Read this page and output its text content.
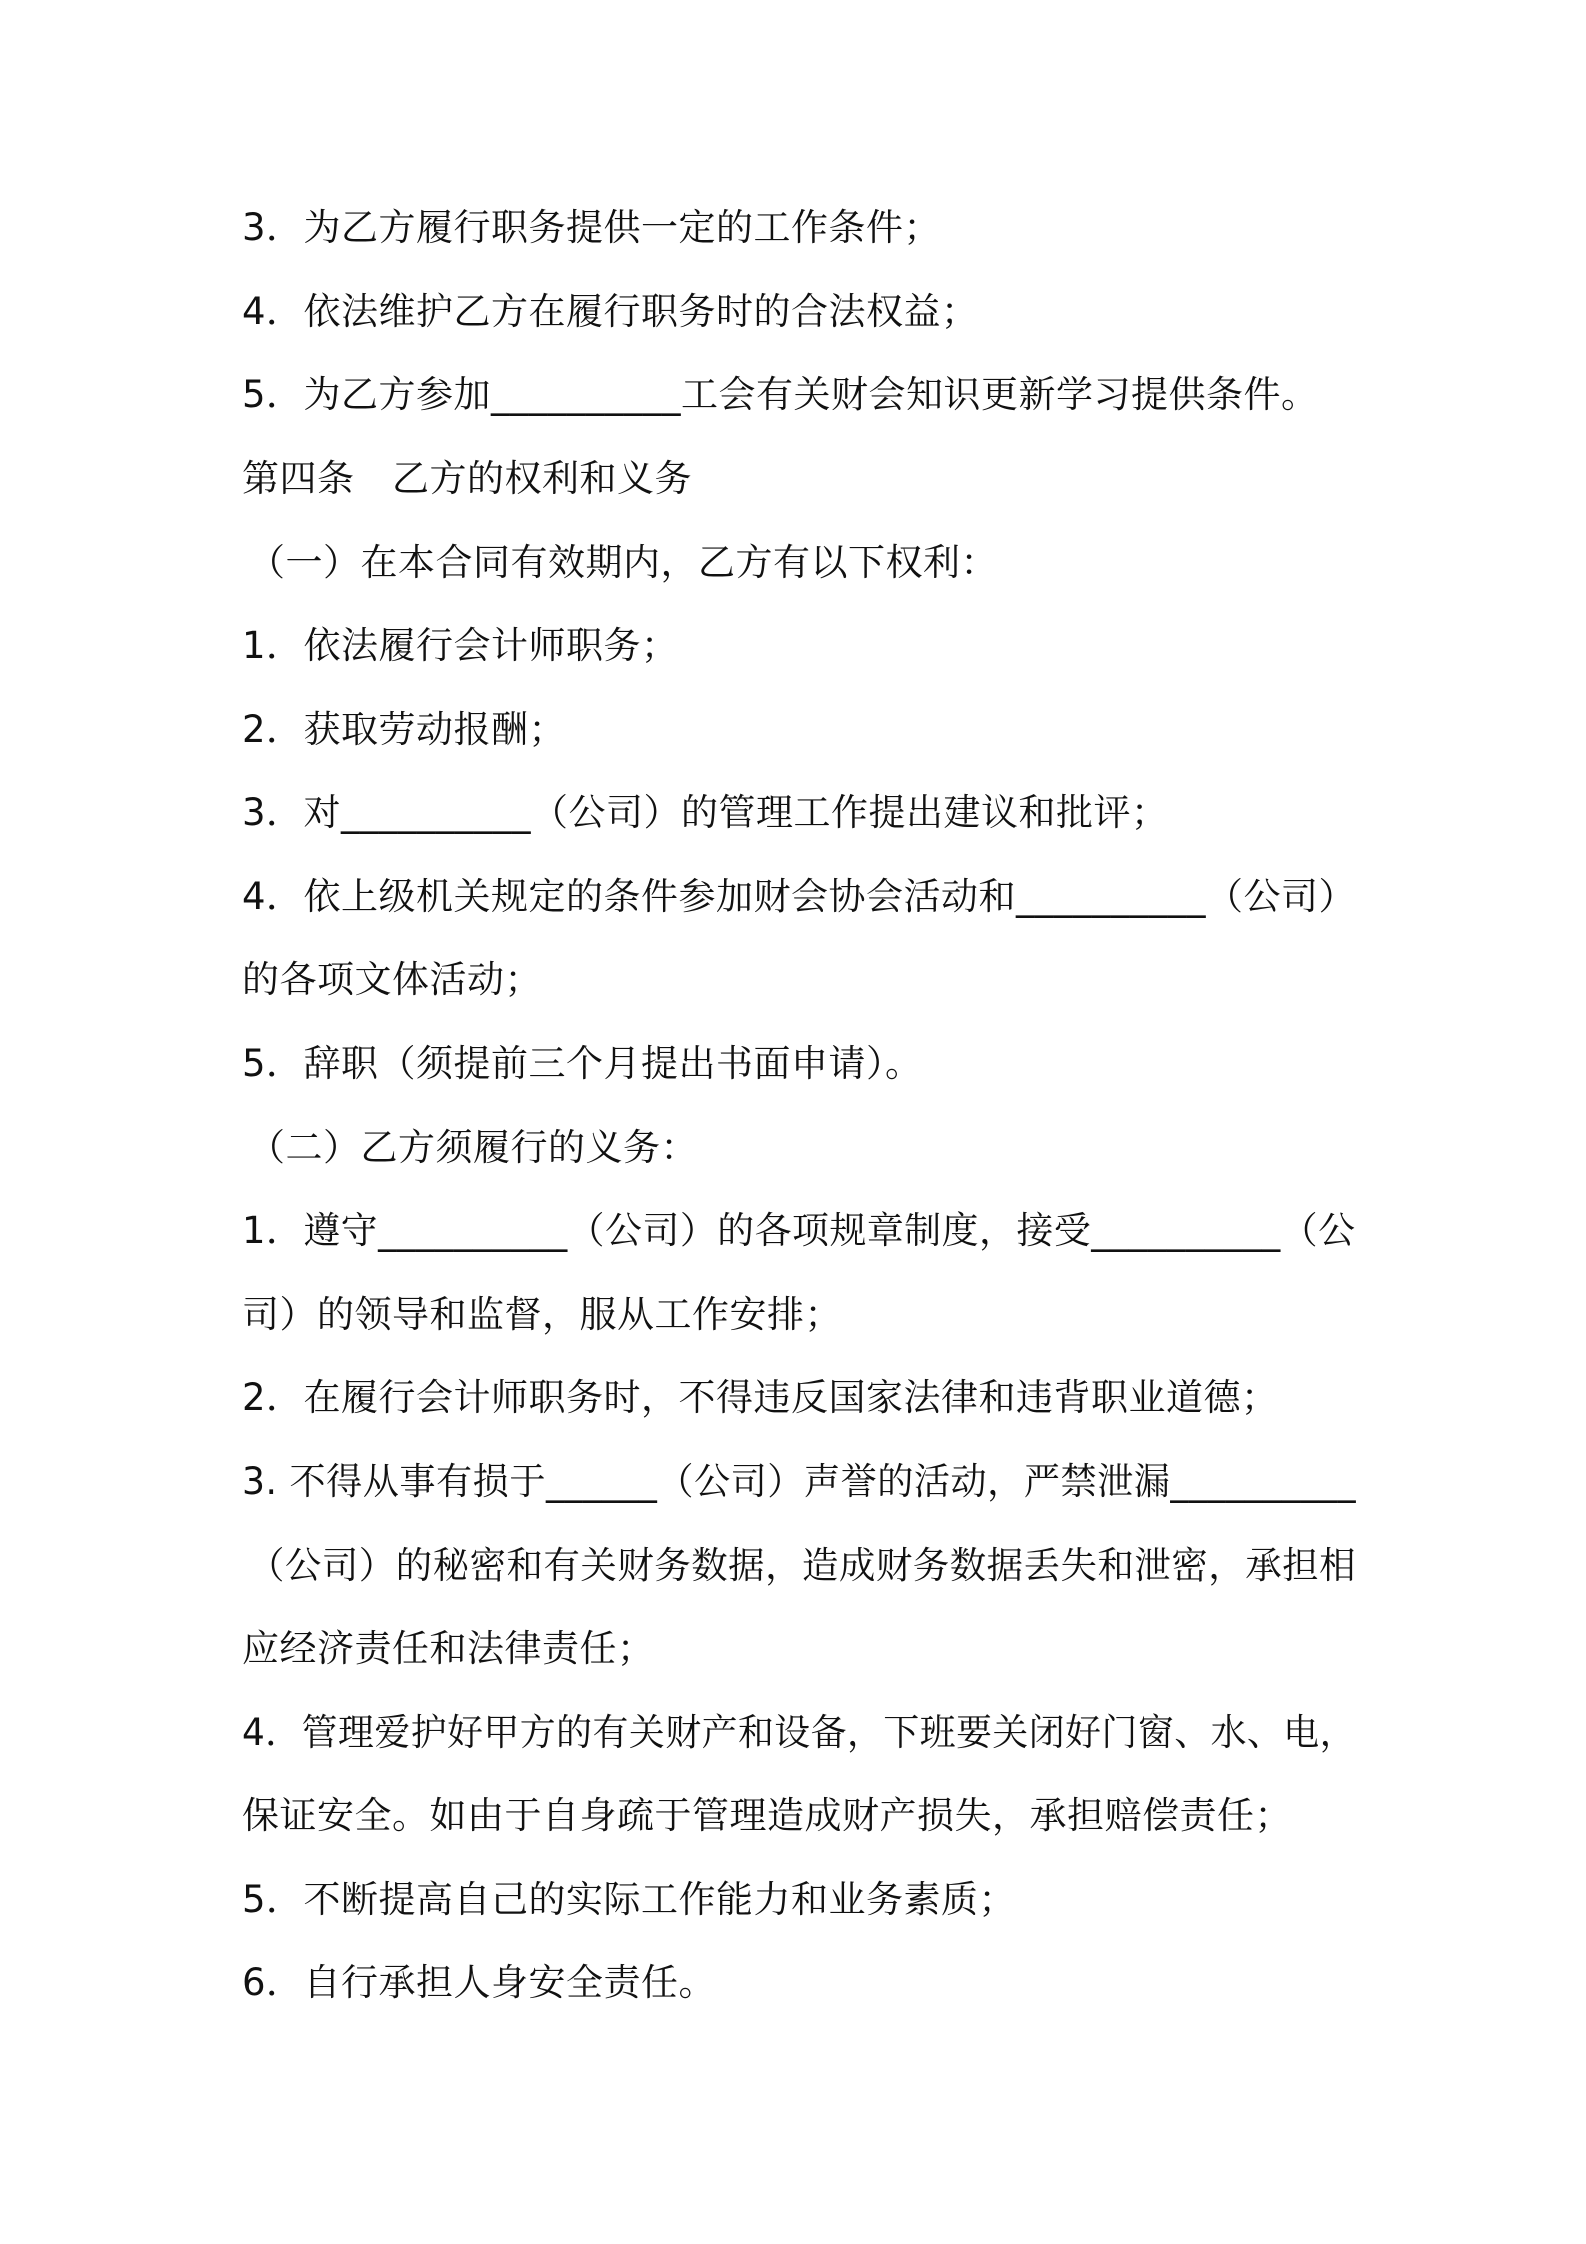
3．为乙方履行职务提供一定的工作条件；
4．依法维护乙方在履行职务时的合法权益；
5．为乙方参加__________工会有关财会知识更新学习提供条件。
第四条　乙方的权利和义务
（一）在本合同有效期内，乙方有以下权利：
1．依法履行会计师职务；
2．获取劳动报酬；
3．对__________（公司）的管理工作提出建议和批评；
4．依上级机关规定的条件参加财会协会活动和__________（公司）
的各项文体活动；
5．辞职（须提前三个月提出书面申请）。
（二）乙方须履行的义务：
1．遵守__________（公司）的各项规章制度，接受__________（公
司）的领导和监督，服从工作安排；
2．在履行会计师职务时，不得违反国家法律和违背职业道德；
3. 不得从事有损于______（公司）声誉的活动，严禁泄漏__________
（公司）的秘密和有关财务数据，造成财务数据丢失和泄密，承担相
应经济责任和法律责任；
4．管理爱护好甲方的有关财产和设备，下班要关闭好门窗、水、电，
保证安全。如由于自身疏于管理造成财产损失，承担赔偿责任；
5．不断提高自己的实际工作能力和业务素质；
6．自行承担人身安全责任。
